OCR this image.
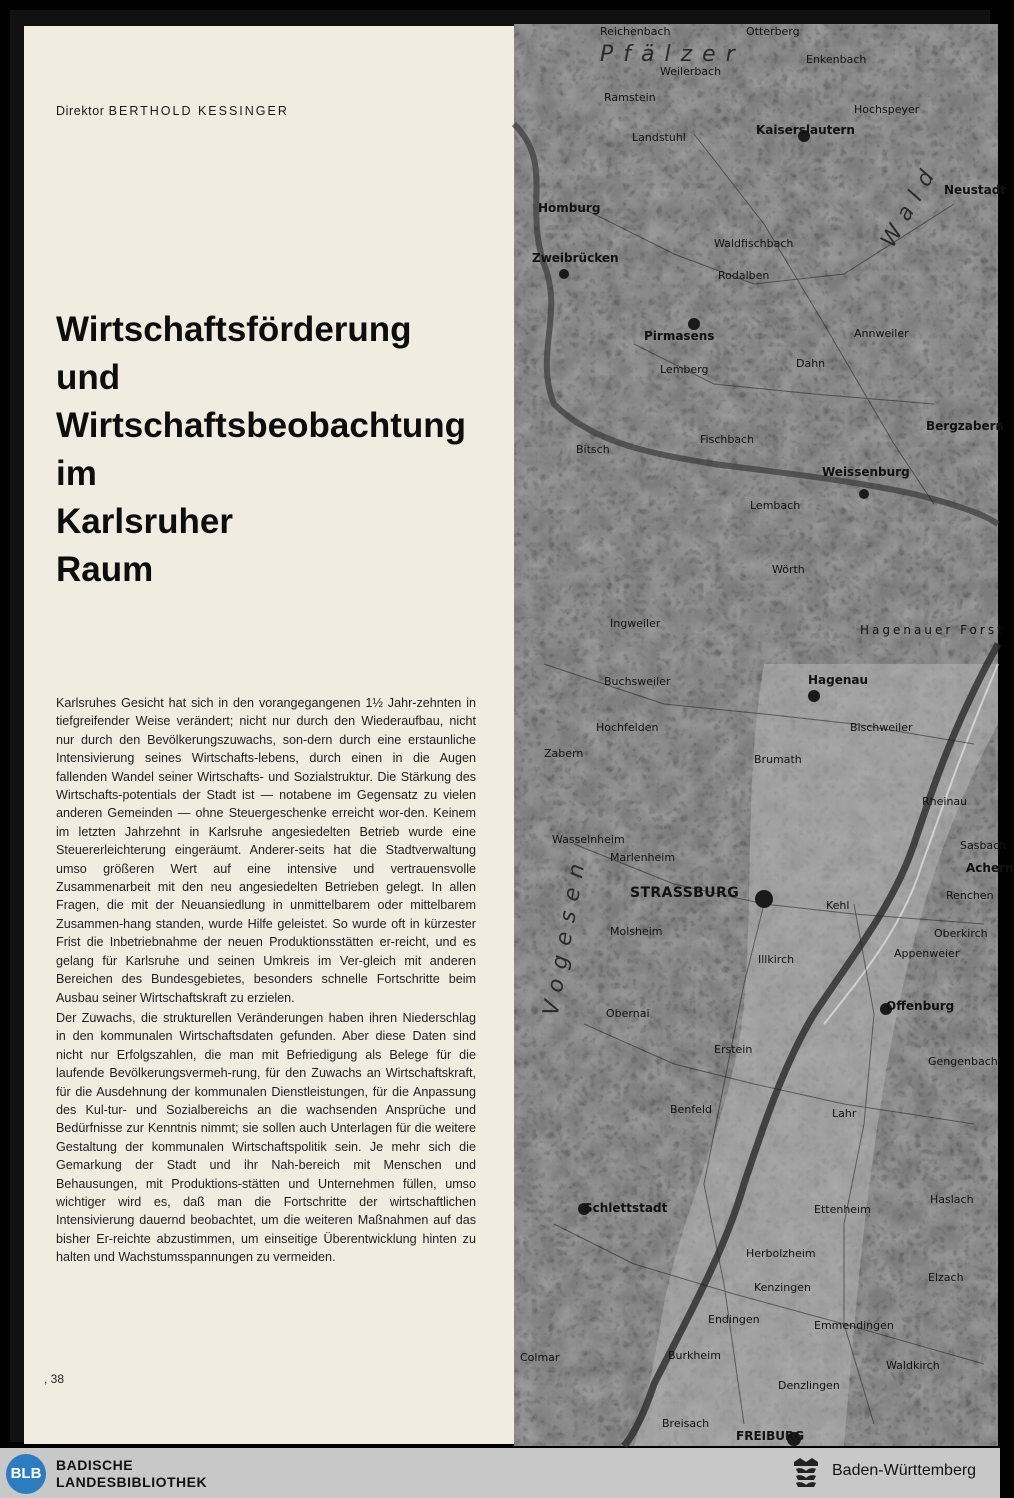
Direktor BERTHOLD KESSINGER
Wirtschaftsförderung
und
Wirtschaftsbeobachtung
im
Karlsruher
Raum

Karlsruhes Gesicht hat sich in den vorangegangenen 1½ Jahr-zehnten in tiefgreifender Weise verändert; nicht nur durch den Wiederaufbau, nicht nur durch den Bevölkerungszuwachs, son-dern durch eine erstaunliche Intensivierung seines Wirtschafts-lebens, durch einen in die Augen fallenden Wandel seiner Wirtschafts- und Sozialstruktur. Die Stärkung des Wirtschafts-potentials der Stadt ist — notabene im Gegensatz zu vielen anderen Gemeinden — ohne Steuergeschenke erreicht wor-den. Keinem im letzten Jahrzehnt in Karlsruhe angesiedelten Betrieb wurde eine Steuererleichterung eingeräumt. Anderer-seits hat die Stadtverwaltung umso größeren Wert auf eine intensive und vertrauensvolle Zusammenarbeit mit den neu angesiedelten Betrieben gelegt. In allen Fragen, die mit der Neuansiedlung in unmittelbarem oder mittelbarem Zusammen-hang standen, wurde Hilfe geleistet. So wurde oft in kürzester Frist die Inbetriebnahme der neuen Produktionsstätten er-reicht, und es gelang für Karlsruhe und seinen Umkreis im Ver-gleich mit anderen Bereichen des Bundesgebietes, besonders schnelle Fortschritte beim Ausbau seiner Wirtschaftskraft zu erzielen.

Der Zuwachs, die strukturellen Veränderungen haben ihren Niederschlag in den kommunalen Wirtschaftsdaten gefunden. Aber diese Daten sind nicht nur Erfolgszahlen, die man mit Befriedigung als Belege für die laufende Bevölkerungsvermeh-rung, für den Zuwachs an Wirtschaftskraft, für die Ausdehnung der kommunalen Dienstleistungen, für die Anpassung des Kul-tur- und Sozialbereichs an die wachsenden Ansprüche und Bedürfnisse zur Kenntnis nimmt; sie sollen auch Unterlagen für die weitere Gestaltung der kommunalen Wirtschaftspolitik sein. Je mehr sich die Gemarkung der Stadt und ihr Nah-bereich mit Menschen und Behausungen, mit Produktions-stätten und Unternehmen füllen, umso wichtiger wird es, daß man die Fortschritte der wirtschaftlichen Intensivierung dauernd beobachtet, um die weiteren Maßnahmen auf das bisher Er-reichte abzustimmen, um einseitige Überentwicklung hinten zu halten und Wachstumsspannungen zu vermeiden.

, 38
Reichenbach	Otterberg
Weilerbach
Ramstein
Enkenbach
Kaiserslautern
Hochspeyer
Landstuhl
Homburg
Neustadt
Zweibrücken
Waldfischbach
Rodalben
Pirmasens
Lemberg
Annweiler
Dahn
Bergzabern
Fischbach
Weissenburg
Bitsch
Lembach
Wörth
Hagenau
Ingweiler
Buchsweiler
Bischweiler
Zabern	Brumath
Wasselnheim
STRASSBURG
Kehl
Molsheim
Illkirch
Offenburg
Obernai
Erstein
Lahr
Benfeld
Schlettstadt	Ettenheim
Emmendingen
Waldkirch
Breisach
FREIBURG
Colmar
Gengenbach
Haslach
Elzach
Kenzingen
Herbolzheim
Endingen
Denzlingen
Burkheim
Renchen
Oberkirch
Appenweier
Hochfelden
Marlenheim
Rheinau
Sasbach
Achern
Pfälzer
Wald
Vogesen
Hagenauer Forst
BLB	BADISCHE
LANDESBIBLIOTHEK
Baden-Württemberg
